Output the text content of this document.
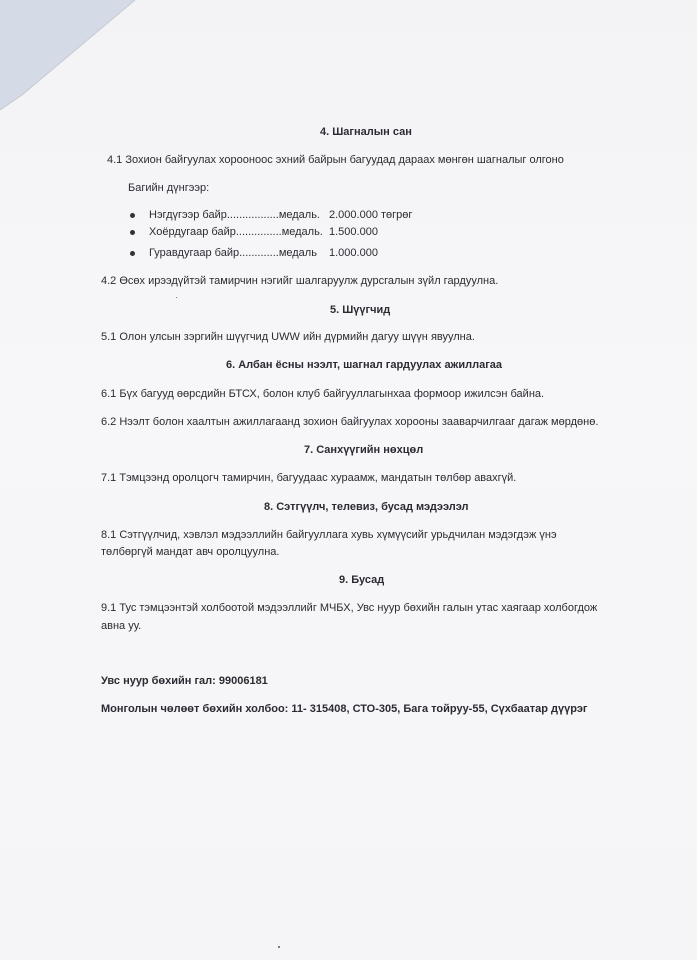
4. Шагналын сан
4.1 Зохион байгуулах хорооноос эхний байрын багуудад дараах мөнгөн шагналыг олгоно
Багийн дүнгээр:
Нэгдүгээр байр.................медаль. 2.000.000 төгрөг
Хоёрдугаар байр...............медаль. 1.500.000
Гуравдугаар байр.............медаль 1.000.000
4.2 Өсөх ирээдүйтэй тамирчин нэгийг шалгаруулж дурсгалын зүйл гардуулна.
5. Шүүгчид
5.1 Олон улсын зэргийн шүүгчид UWW ийн дүрмийн дагуу шүүн явуулна.
6. Албан ёсны нээлт, шагнал гардуулах ажиллагаа
6.1 Бүх багууд өөрсдийн БТСХ, болон клуб байгууллагынхаа формоор ижилсэн байна.
6.2 Нээлт болон хаалтын ажиллагаанд зохион байгуулах хорооны зааварчилгааг дагаж мөрдөнө.
7. Санхүүгийн нөхцөл
7.1 Тэмцээнд оролцогч тамирчин, багуудаас хураамж, мандатын төлбөр авахгүй.
8. Сэтгүүлч, телевиз, бусад мэдээлэл
8.1 Сэтгүүлчид, хэвлэл мэдээллийн байгууллага хувь хүмүүсийг урьдчилан мэдэгдэж үнэ
төлбөргүй мандат авч оролцуулна.
9. Бусад
9.1 Тус тэмцээнтэй холбоотой мэдээллийг МЧБХ, Увс нуур бөхийн галын утас хаягаар холбогдож
авна уу.
Увс нуур бөхийн гал: 99006181
Монголын чөлөөт бөхийн холбоо: 11- 315408, СТО-305, Бага тойруу-55, Сүхбаатар дүүрэг
